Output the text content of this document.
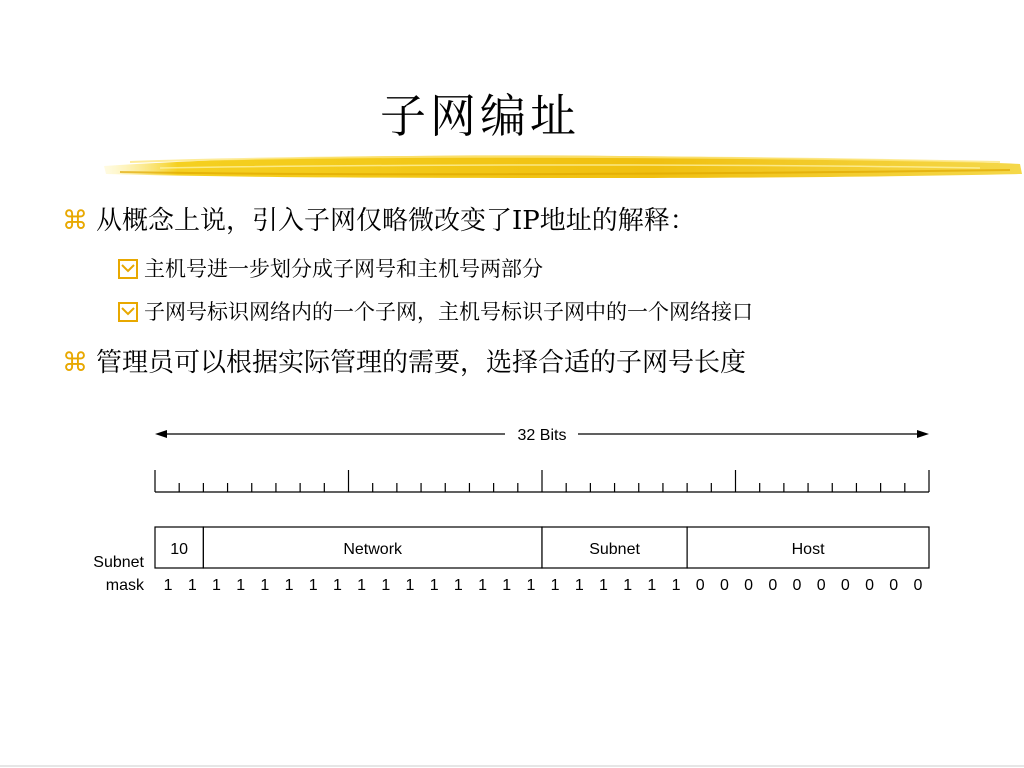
子网编址
⌘ 从概念上说，引入子网仅略微改变了IP地址的解释：
主机号进一步划分成子网号和主机号两部分
子网号标识网络内的一个子网，主机号标识子网中的一个网络接口
⌘ 管理员可以根据实际管理的需要，选择合适的子网号长度
32 Bits
10	Network	Subnet	Host
Subnet
mask 1 1 1 1 1 1 1 1 1 1 1 1 1 1 1 1 1 1 1 1 1 1 0 0 0 0 0 0 0 0 0 0
